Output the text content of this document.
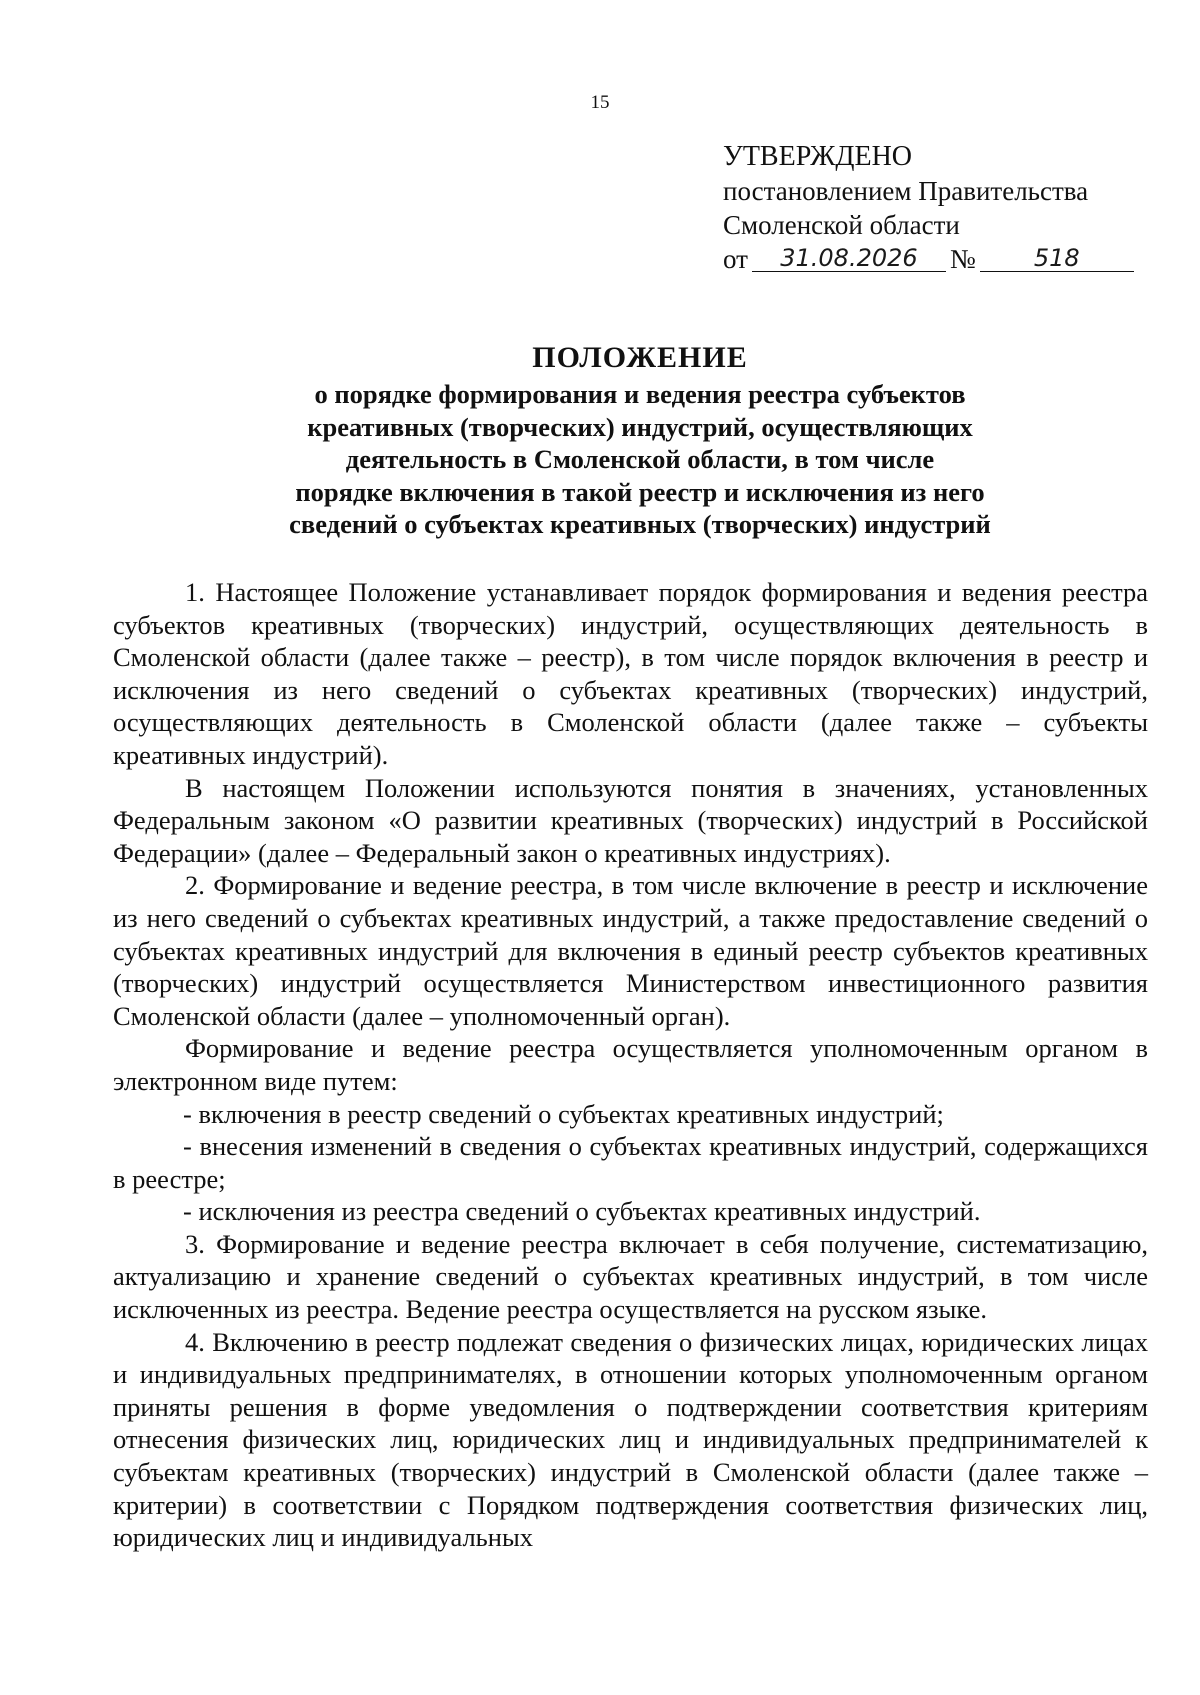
15
УТВЕРЖДЕНО
постановлением Правительства
Смоленской области
от	31.08.2026	№	518
ПОЛОЖЕНИЕ
о порядке формирования и ведения реестра субъектов
креативных (творческих) индустрий, осуществляющих
деятельность в Смоленской области, в том числе
порядке включения в такой реестр и исключения из него
сведений о субъектах креативных (творческих) индустрий

1. Настоящее Положение устанавливает порядок формирования и ведения реестра субъектов креативных (творческих) индустрий, осуществляющих деятельность в Смоленской области (далее также – реестр), в том числе порядок включения в реестр и исключения из него сведений о субъектах креативных (творческих) индустрий, осуществляющих деятельность в Смоленской области (далее также – субъекты креативных индустрий).

В настоящем Положении используются понятия в значениях, установленных Федеральным законом «О развитии креативных (творческих) индустрий в Российской Федерации» (далее – Федеральный закон о креативных индустриях).

2. Формирование и ведение реестра, в том числе включение в реестр и исключение из него сведений о субъектах креативных индустрий, а также предоставление сведений о субъектах креативных индустрий для включения в единый реестр субъектов креативных (творческих) индустрий осуществляется Министерством инвестиционного развития Смоленской области (далее – уполномоченный орган).

Формирование и ведение реестра осуществляется уполномоченным органом в электронном виде путем:

- включения в реестр сведений о субъектах креативных индустрий;

- внесения изменений в сведения о субъектах креативных индустрий, содержащихся в реестре;

- исключения из реестра сведений о субъектах креативных индустрий.

3. Формирование и ведение реестра включает в себя получение, систематизацию, актуализацию и хранение сведений о субъектах креативных индустрий, в том числе исключенных из реестра. Ведение реестра осуществляется на русском языке.

4. Включению в реестр подлежат сведения о физических лицах, юридических лицах и индивидуальных предпринимателях, в отношении которых уполномоченным органом приняты решения в форме уведомления о подтверждении соответствия критериям отнесения физических лиц, юридических лиц и индивидуальных предпринимателей к субъектам креативных (творческих) индустрий в Смоленской области (далее также – критерии) в соответствии с Порядком подтверждения соответствия физических лиц, юридических лиц и индивидуальных
